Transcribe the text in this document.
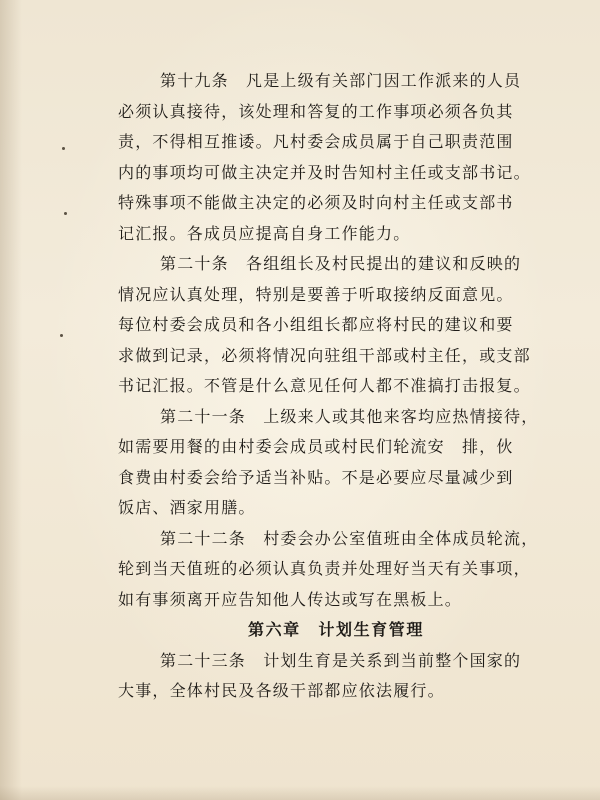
第十九条　凡是上级有关部门因工作派来的人员
必须认真接待，该处理和答复的工作事项必须各负其
责，不得相互推诿。凡村委会成员属于自己职责范围
内的事项均可做主决定并及时告知村主任或支部书记。
特殊事项不能做主决定的必须及时向村主任或支部书
记汇报。各成员应提高自身工作能力。
第二十条　各组组长及村民提出的建议和反映的
情况应认真处理，特别是要善于听取接纳反面意见。
每位村委会成员和各小组组长都应将村民的建议和要
求做到记录，必须将情况向驻组干部或村主任，或支部
书记汇报。不管是什么意见任何人都不准搞打击报复。
第二十一条　上级来人或其他来客均应热情接待，
如需要用餐的由村委会成员或村民们轮流安　排，伙
食费由村委会给予适当补贴。不是必要应尽量减少到
饭店、酒家用膳。
第二十二条　村委会办公室值班由全体成员轮流，
轮到当天值班的必须认真负责并处理好当天有关事项，
如有事须离开应告知他人传达或写在黑板上。
第六章　计划生育管理
第二十三条　计划生育是关系到当前整个国家的
大事，全体村民及各级干部都应依法履行。
